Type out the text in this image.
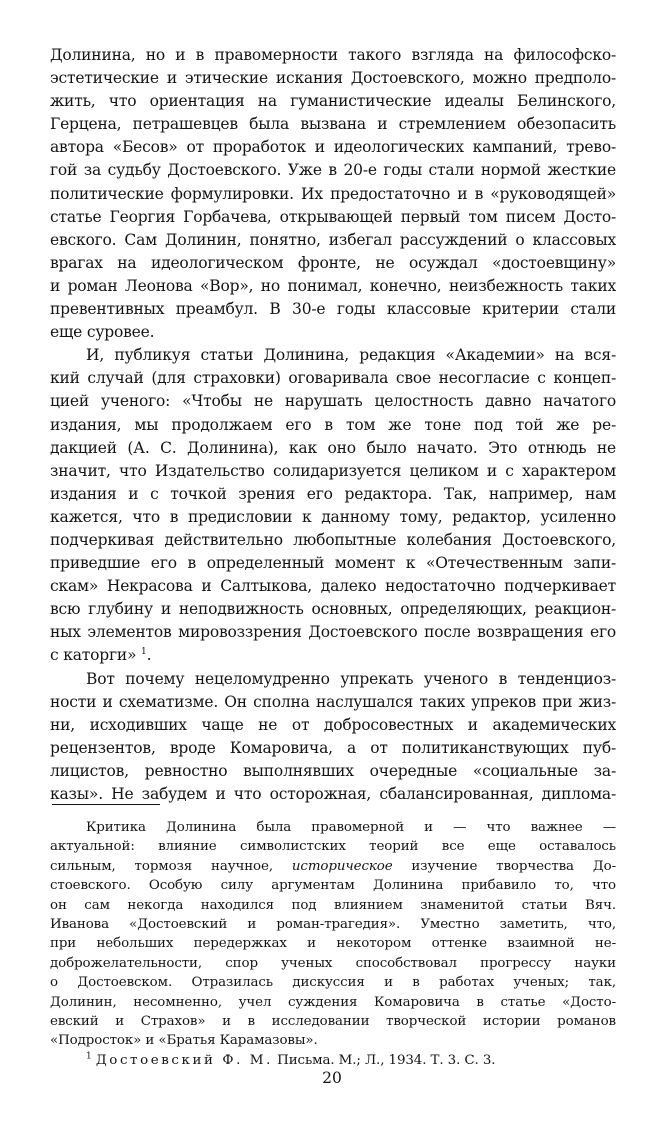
Долинина, но и в правомерности такого взгляда на философско-
эстетические и этические искания Достоевского, можно предполо-
жить, что ориентация на гуманистические идеалы Белинского,
Герцена, петрашевцев была вызвана и стремлением обезопасить
автора «Бесов» от проработок и идеологических кампаний, трево-
гой за судьбу Достоевского. Уже в 20-е годы стали нормой жесткие
политические формулировки. Их предостаточно и в «руководящей»
статье Георгия Горбачева, открывающей первый том писем Досто-
евского. Сам Долинин, понятно, избегал рассуждений о классовых
врагах на идеологическом фронте, не осуждал «достоевщину»
и роман Леонова «Вор», но понимал, конечно, неизбежность таких
превентивных преамбул. В 30-е годы классовые критерии стали
еще суровее.
И, публикуя статьи Долинина, редакция «Академии» на вся-
кий случай (для страховки) оговаривала свое несогласие с концеп-
цией ученого: «Чтобы не нарушать целостность давно начатого
издания, мы продолжаем его в том же тоне под той же ре-
дакцией (А. С. Долинина), как оно было начато. Это отнюдь не
значит, что Издательство солидаризуется целиком и с характером
издания и с точкой зрения его редактора. Так, например, нам
кажется, что в предисловии к данному тому, редактор, усиленно
подчеркивая действительно любопытные колебания Достоевского,
приведшие его в определенный момент к «Отечественным запи-
скам» Некрасова и Салтыкова, далеко недостаточно подчеркивает
всю глубину и неподвижность основных, определяющих, реакцион-
ных элементов мировоззрения Достоевского после возвращения его
с каторги» $^1$.
Вот почему нецеломудренно упрекать ученого в тенденциоз-
ности и схематизме. Он сполна наслушался таких упреков при жиз-
ни, исходивших чаще не от добросовестных и академических
рецензентов, вроде Комаровича, а от политиканствующих пуб-
лицистов, ревностно выполнявших очередные «социальные за-
казы». Не забудем и что осторожная, сбалансированная, диплома-
Критика Долинина была правомерной и — что важнее —
актуальной: влияние символистских теорий все еще оставалось
сильным, тормозя научное, историческое изучение творчества До-
стоевского. Особую силу аргументам Долинина прибавило то, что
он сам некогда находился под влиянием знаменитой статьи Вяч.
Иванова «Достоевский и роман-трагедия». Уместно заметить, что,
при небольших передержках и некотором оттенке взаимной не-
доброжелательности, спор ученых способствовал прогрессу науки
о Достоевском. Отразилась дискуссия и в работах ученых; так,
Долинин, несомненно, учел суждения Комаровича в статье «Досто-
евский и Страхов» и в исследовании творческой истории романов
«Подросток» и «Братья Карамазовы».
$^1$ Достоевский Ф. М. Письма. М.; Л., 1934. Т. 3. С. 3.
20
